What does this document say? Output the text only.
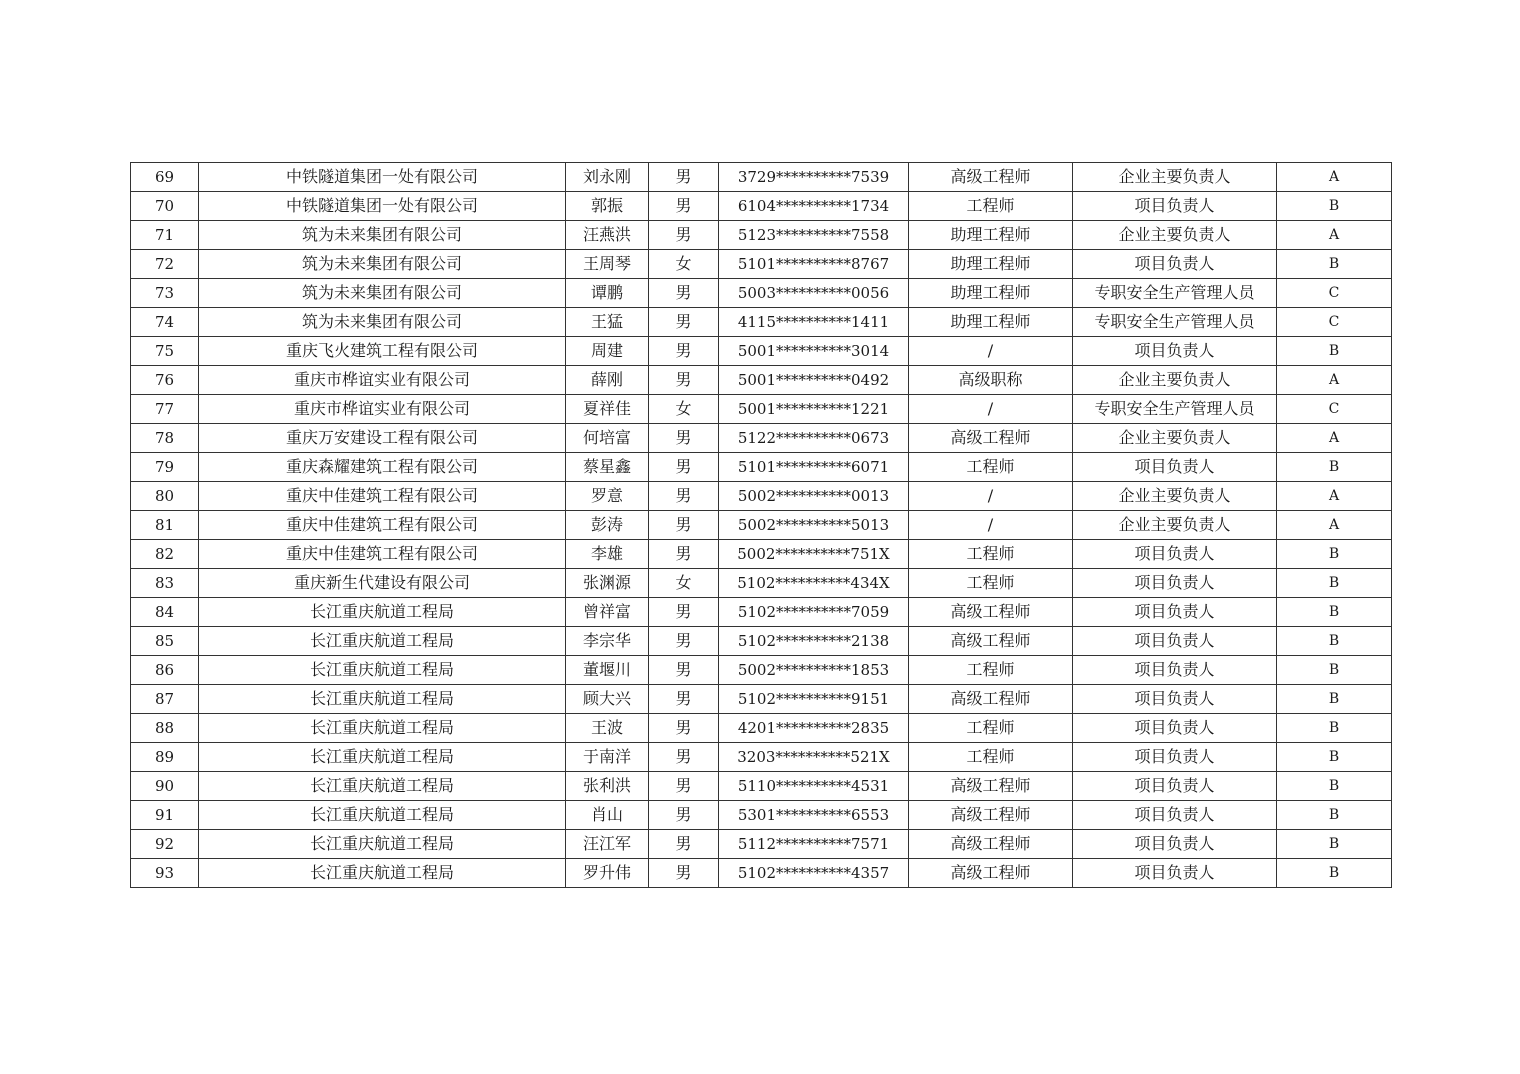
69	中铁隧道集团一处有限公司	刘永刚	男	3729**********7539	高级工程师	企业主要负责人	A
70	中铁隧道集团一处有限公司	郭振	男	6104**********1734	工程师	项目负责人	B
71	筑为未来集团有限公司	汪燕洪	男	5123**********7558	助理工程师	企业主要负责人	A
72	筑为未来集团有限公司	王周琴	女	5101**********8767	助理工程师	项目负责人	B
73	筑为未来集团有限公司	谭鹏	男	5003**********0056	助理工程师	专职安全生产管理人员	C
74	筑为未来集团有限公司	王猛	男	4115**********1411	助理工程师	专职安全生产管理人员	C
75	重庆飞火建筑工程有限公司	周建	男	5001**********3014	/	项目负责人	B
76	重庆市桦谊实业有限公司	薛刚	男	5001**********0492	高级职称	企业主要负责人	A
77	重庆市桦谊实业有限公司	夏祥佳	女	5001**********1221	/	专职安全生产管理人员	C
78	重庆万安建设工程有限公司	何培富	男	5122**********0673	高级工程师	企业主要负责人	A
79	重庆森耀建筑工程有限公司	蔡星鑫	男	5101**********6071	工程师	项目负责人	B
80	重庆中佳建筑工程有限公司	罗意	男	5002**********0013	/	企业主要负责人	A
81	重庆中佳建筑工程有限公司	彭涛	男	5002**********5013	/	企业主要负责人	A
82	重庆中佳建筑工程有限公司	李雄	男	5002**********751X	工程师	项目负责人	B
83	重庆新生代建设有限公司	张渊源	女	5102**********434X	工程师	项目负责人	B
84	长江重庆航道工程局	曾祥富	男	5102**********7059	高级工程师	项目负责人	B
85	长江重庆航道工程局	李宗华	男	5102**********2138	高级工程师	项目负责人	B
86	长江重庆航道工程局	董堰川	男	5002**********1853	工程师	项目负责人	B
87	长江重庆航道工程局	顾大兴	男	5102**********9151	高级工程师	项目负责人	B
88	长江重庆航道工程局	王波	男	4201**********2835	工程师	项目负责人	B
89	长江重庆航道工程局	于南洋	男	3203**********521X	工程师	项目负责人	B
90	长江重庆航道工程局	张利洪	男	5110**********4531	高级工程师	项目负责人	B
91	长江重庆航道工程局	肖山	男	5301**********6553	高级工程师	项目负责人	B
92	长江重庆航道工程局	汪江军	男	5112**********7571	高级工程师	项目负责人	B
93	长江重庆航道工程局	罗升伟	男	5102**********4357	高级工程师	项目负责人	B
